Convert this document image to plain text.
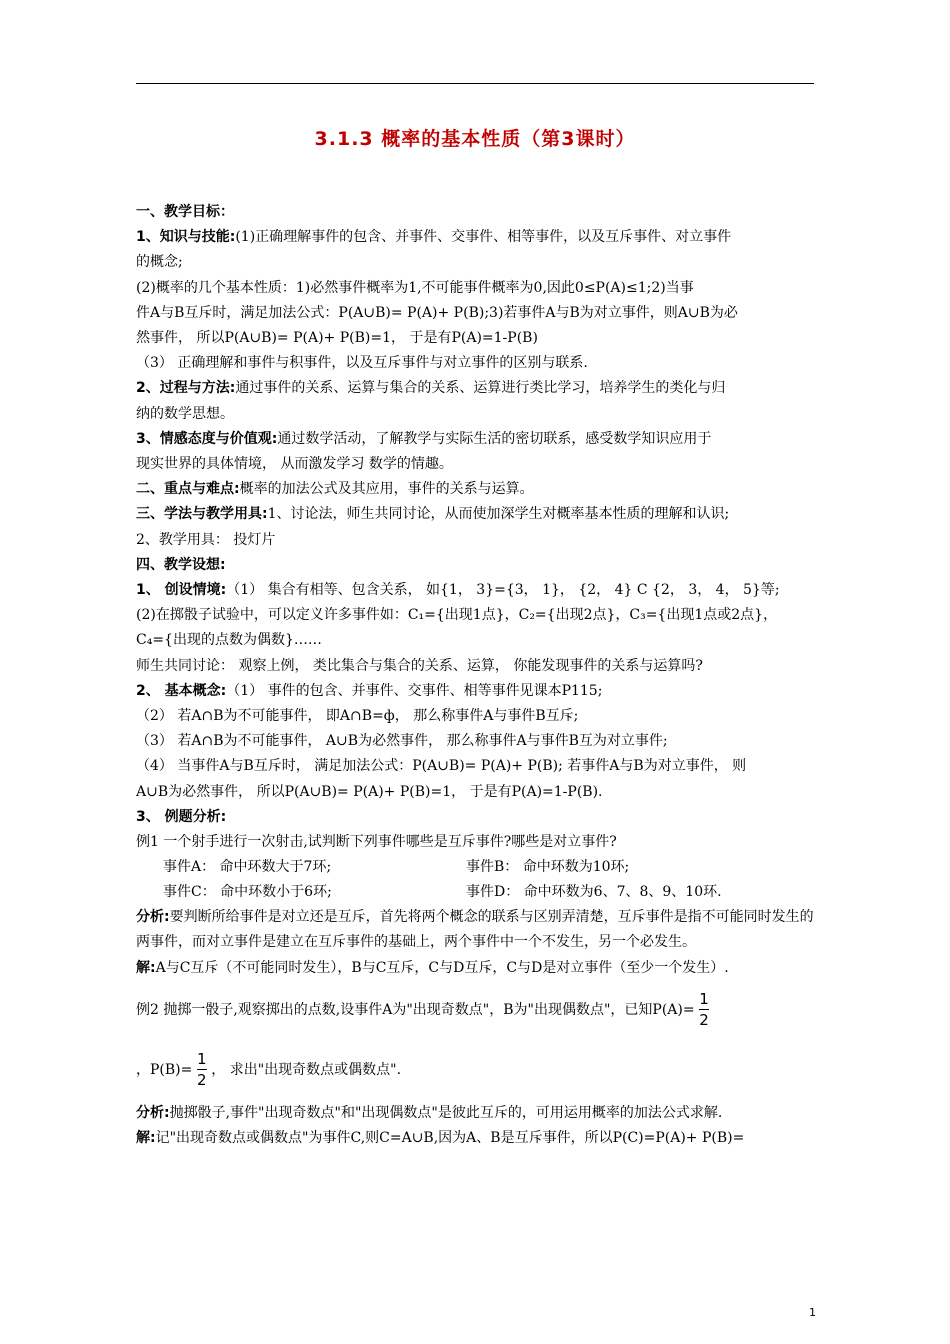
3.1.3 概率的基本性质（第3课时）

一、教学目标：

1、知识与技能:(1)正确理解事件的包含、并事件、交事件、相等事件，以及互斥事件、对立事件

的概念;

(2)概率的几个基本性质：1)必然事件概率为1,不可能事件概率为0,因此0≤P(A)≤1;2)当事

件A与B互斥时，满足加法公式：P(A∪B)= P(A)+ P(B);3)若事件A与B为对立事件，则A∪B为必

然事件， 所以P(A∪B)= P(A)+ P(B)=1， 于是有P(A)=1-P(B)

（3） 正确理解和事件与积事件，以及互斥事件与对立事件的区别与联系.

2、过程与方法:通过事件的关系、运算与集合的关系、运算进行类比学习，培养学生的类化与归

纳的数学思想。

3、情感态度与价值观:通过数学活动，了解教学与实际生活的密切联系，感受数学知识应用于

现实世界的具体情境， 从而激发学习 数学的情趣。

二、重点与难点:概率的加法公式及其应用，事件的关系与运算。

三、学法与教学用具:1、讨论法，师生共同讨论，从而使加深学生对概率基本性质的理解和认识;

2、教学用具： 投灯片

四、教学设想:

1、 创设情境:（1） 集合有相等、包含关系， 如{1， 3}={3， 1}， {2， 4} C {2， 3， 4， 5}等;

(2)在掷骰子试验中，可以定义许多事件如：C₁={出现1点}，C₂={出现2点}，C₃={出现1点或2点}，

C₄={出现的点数为偶数}……

师生共同讨论： 观察上例， 类比集合与集合的关系、运算， 你能发现事件的关系与运算吗?

2、 基本概念:（1） 事件的包含、并事件、交事件、相等事件见课本P115;

（2） 若A∩B为不可能事件， 即A∩B=ф， 那么称事件A与事件B互斥;

（3） 若A∩B为不可能事件， A∪B为必然事件， 那么称事件A与事件B互为对立事件;

（4） 当事件A与B互斥时， 满足加法公式：P(A∪B)= P(A)+ P(B); 若事件A与B为对立事件， 则

A∪B为必然事件， 所以P(A∪B)= P(A)+ P(B)=1， 于是有P(A)=1-P(B).

3、 例题分析:

例1 一个射手进行一次射击,试判断下列事件哪些是互斥事件?哪些是对立事件?

事件A： 命中环数大于7环;	事件B： 命中环数为10环;
事件C： 命中环数小于6环;	事件D： 命中环数为6、7、8、9、10环.

分析:要判断所给事件是对立还是互斥，首先将两个概念的联系与区别弄清楚，互斥事件是指不可能同时发生的两事件，而对立事件是建立在互斥事件的基础上，两个事件中一个不发生，另一个必发生。

解:A与C互斥（不可能同时发生），B与C互斥，C与D互斥，C与D是对立事件（至少一个发生）.

例2 抛掷一骰子,观察掷出的点数,设事件A为"出现奇数点"，B为"出现偶数点"，已知$P(A)= \frac{1}{2}$

，$P(B)= \frac{1}{2}$ ， 求出"出现奇数点或偶数点".

分析:抛掷骰子,事件"出现奇数点"和"出现偶数点"是彼此互斥的，可用运用概率的加法公式求解.

解:记"出现奇数点或偶数点"为事件C,则C=A∪B,因为A、B是互斥事件，所以P(C)=P(A)+ P(B)=

1
